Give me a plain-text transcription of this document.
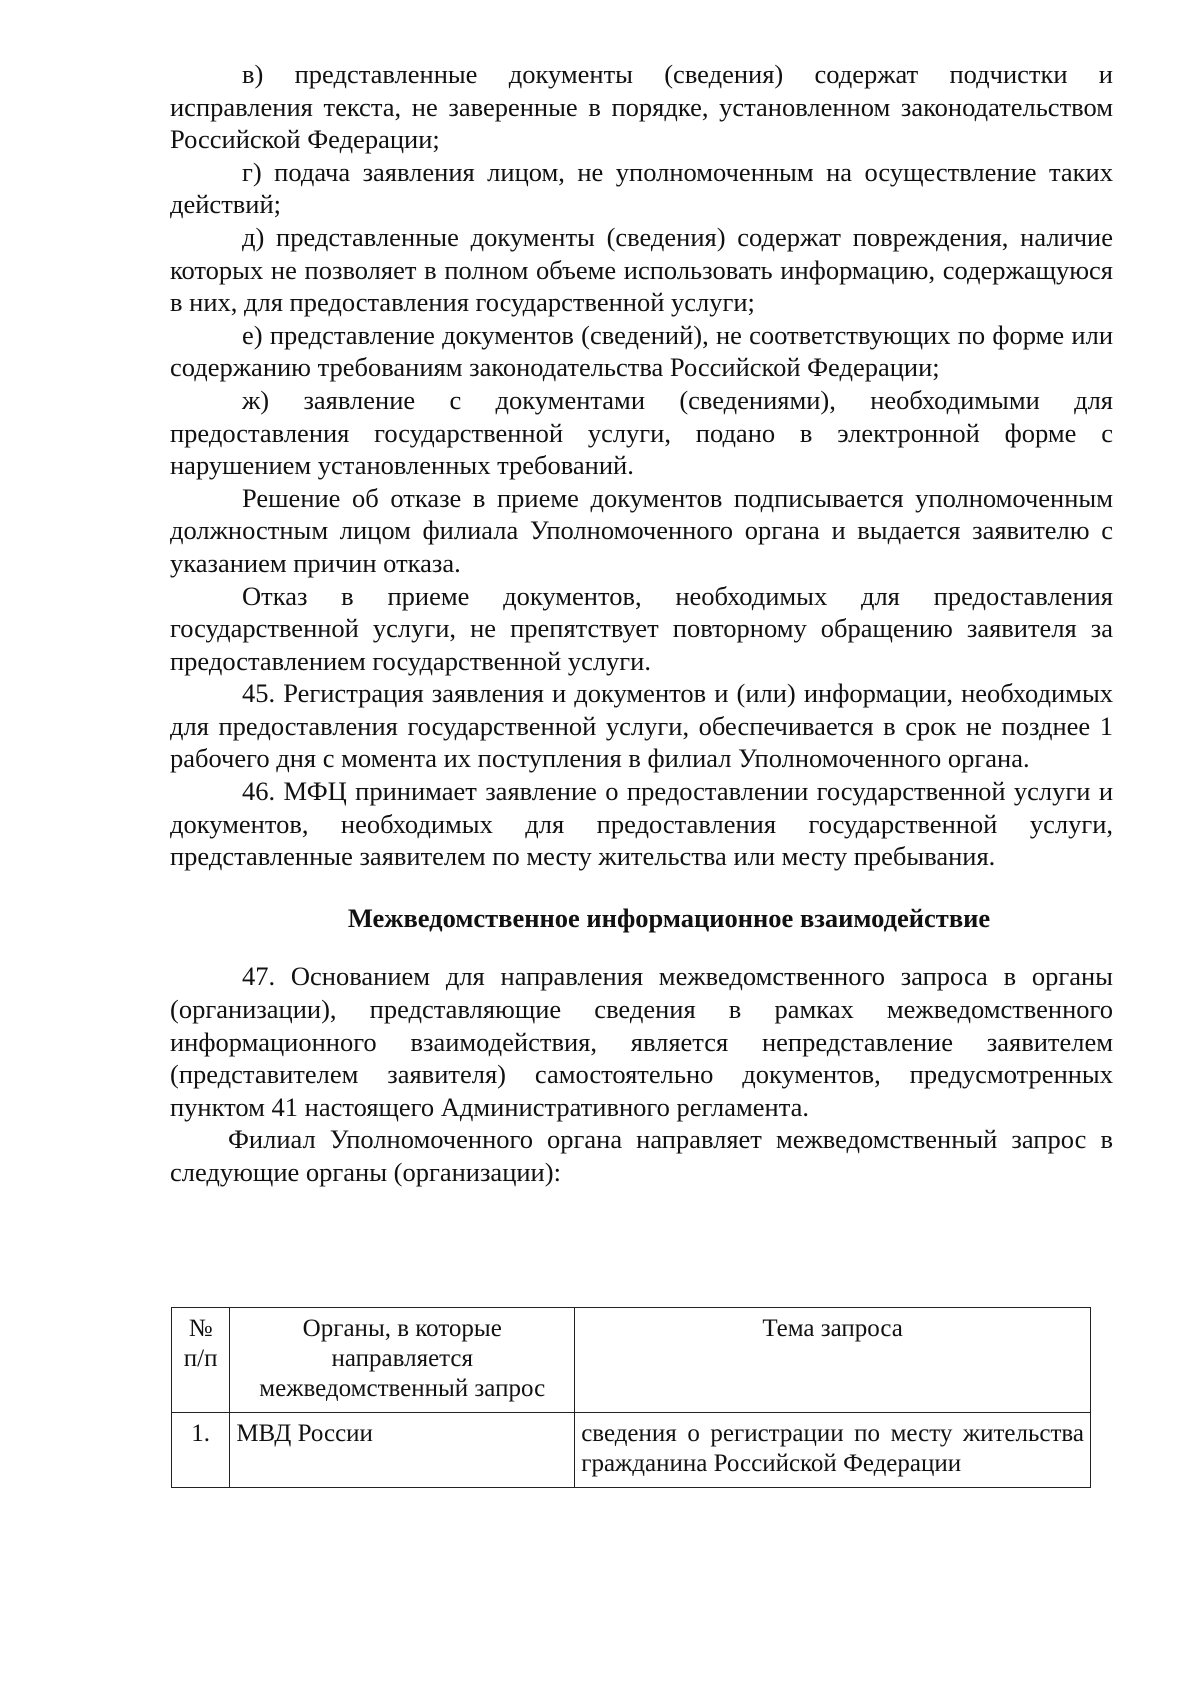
в) представленные документы (сведения) содержат подчистки и исправления текста, не заверенные в порядке, установленном законодательством Российской Федерации;

г) подача заявления лицом, не уполномоченным на осуществление таких действий;

д) представленные документы (сведения) содержат повреждения, наличие которых не позволяет в полном объеме использовать информацию, содержащуюся в них, для предоставления государственной услуги;

е) представление документов (сведений), не соответствующих по форме или содержанию требованиям законодательства Российской Федерации;

ж) заявление с документами (сведениями), необходимыми для предоставления государственной услуги, подано в электронной форме с нарушением установленных требований.

Решение об отказе в приеме документов подписывается уполномоченным должностным лицом филиала Уполномоченного органа и выдается заявителю с указанием причин отказа.

Отказ в приеме документов, необходимых для предоставления государственной услуги, не препятствует повторному обращению заявителя за предоставлением государственной услуги.

45. Регистрация заявления и документов и (или) информации, необходимых для предоставления государственной услуги, обеспечивается в срок не позднее 1 рабочего дня с момента их поступления в филиал Уполномоченного органа.

46. МФЦ принимает заявление о предоставлении государственной услуги и документов, необходимых для предоставления государственной услуги, представленные заявителем по месту жительства или месту пребывания.

Межведомственное информационное взаимодействие

47. Основанием для направления межведомственного запроса в органы (организации), представляющие сведения в рамках межведомственного информационного взаимодействия, является непредставление заявителем (представителем заявителя) самостоятельно документов, предусмотренных пунктом 41 настоящего Административного регламента.

Филиал Уполномоченного органа направляет межведомственный запрос в следующие органы (организации):

№
п/п	Органы, в которые направляется межведомственный запрос	Тема запроса
1.	МВД России	сведения о регистрации по месту жительства гражданина Российской Федерации
